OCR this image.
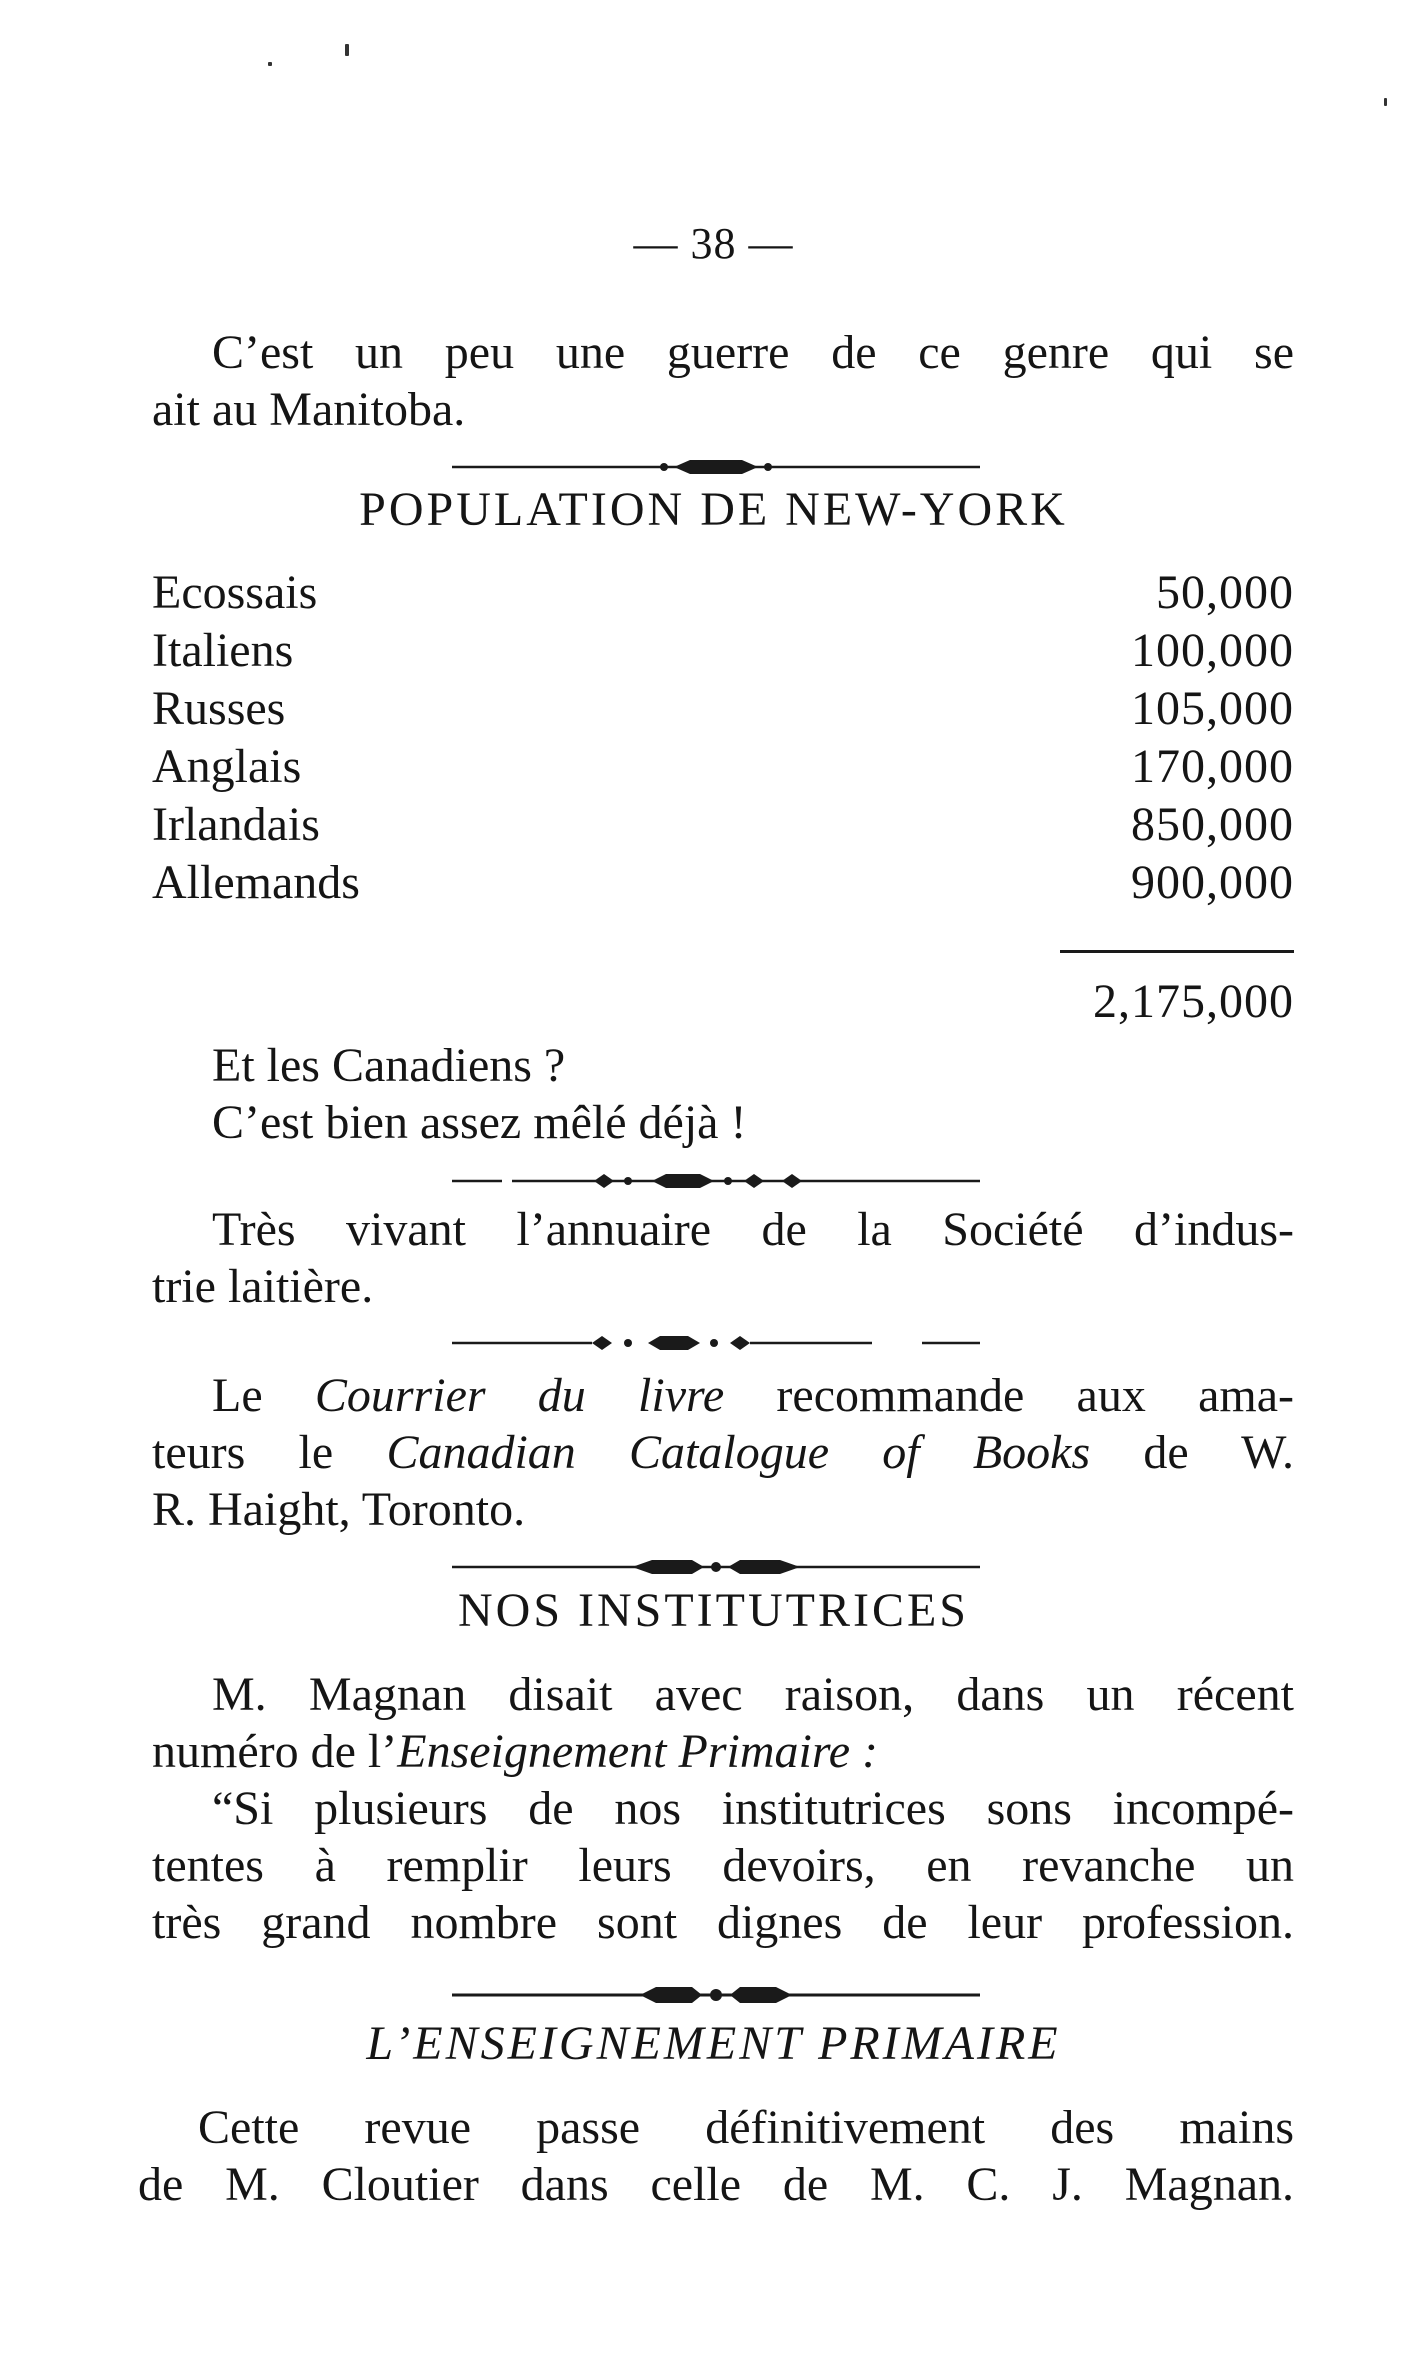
— 38 —
C’est un peu une guerre de ce genre qui se
ait au Manitoba.
POPULATION DE NEW-YORK
Ecossais	50,000
Italiens	100,000
Russes	105,000
Anglais	170,000
Irlandais	850,000
Allemands	900,000
2,175,000
Et les Canadiens ?
C’est bien assez mêlé déjà !
Très vivant l’annuaire de la Société d’indus-
trie laitière.
Le Courrier du livre recommande aux ama-
teurs le Canadian Catalogue of Books de W.
R. Haight, Toronto.
NOS INSTITUTRICES
M. Magnan disait avec raison, dans un récent
numéro de l’Enseignement Primaire :
“Si plusieurs de nos institutrices sons incompé-
tentes à remplir leurs devoirs, en revanche un
très grand nombre sont dignes de leur profession.
L’ENSEIGNEMENT PRIMAIRE
Cette revue passe définitivement des mains
de M. Cloutier dans celle de M. C. J. Magnan.
